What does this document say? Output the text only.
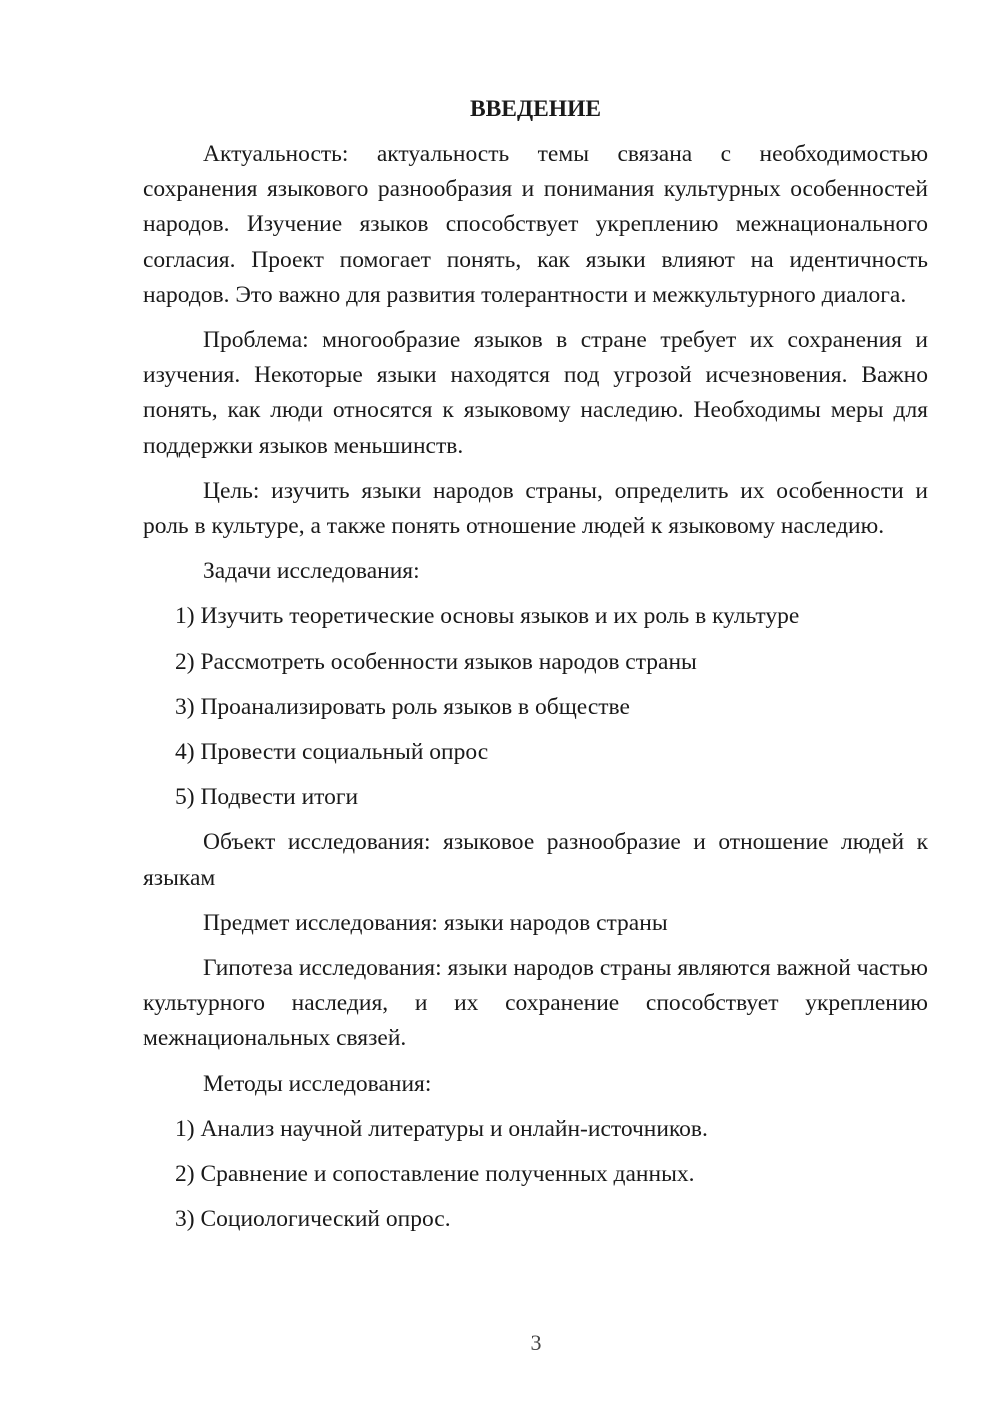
ВВЕДЕНИЕ

Актуальность: актуальность темы связана с необходимостью сохранения языкового разнообразия и понимания культурных особенностей народов. Изучение языков способствует укреплению межнационального согласия. Проект помогает понять, как языки влияют на идентичность народов. Это важно для развития толерантности и межкультурного диалога.

Проблема: многообразие языков в стране требует их сохранения и изучения. Некоторые языки находятся под угрозой исчезновения. Важно понять, как люди относятся к языковому наследию. Необходимы меры для поддержки языков меньшинств.

Цель: изучить языки народов страны, определить их особенности и роль в культуре, а также понять отношение людей к языковому наследию.

Задачи исследования:

1) Изучить теоретические основы языков и их роль в культуре
2) Рассмотреть особенности языков народов страны
3) Проанализировать роль языков в обществе
4) Провести социальный опрос
5) Подвести итоги

Объект исследования: языковое разнообразие и отношение людей к языкам

Предмет исследования: языки народов страны

Гипотеза исследования: языки народов страны являются важной частью культурного наследия, и их сохранение способствует укреплению межнациональных связей.

Методы исследования:

1) Анализ научной литературы и онлайн-источников.
2) Сравнение и сопоставление полученных данных.
3) Социологический опрос.
3
